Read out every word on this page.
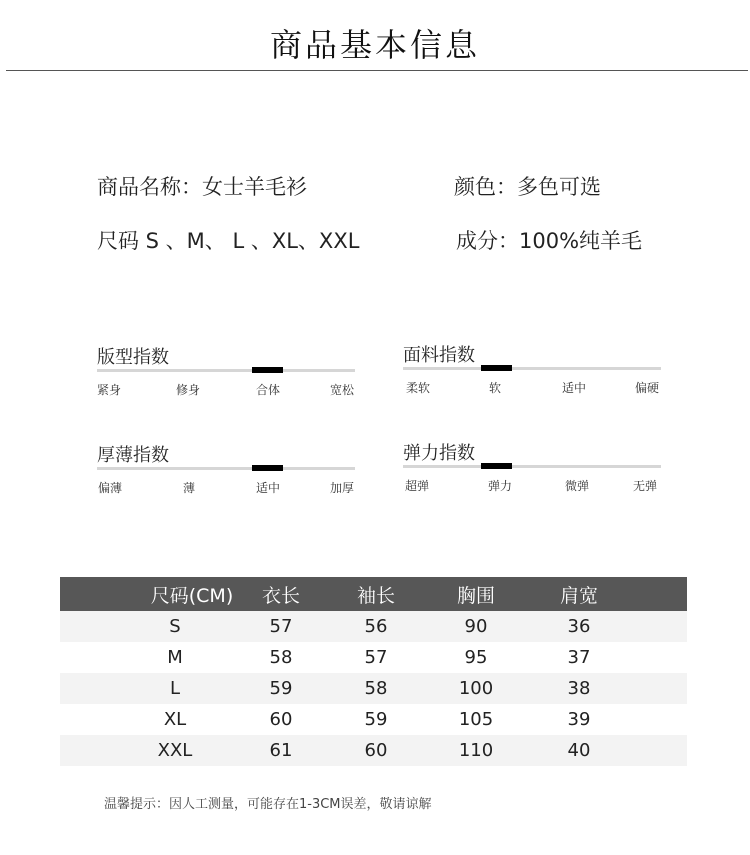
商品基本信息
商品名称：女士羊毛衫	颜色：多色可选
尺码 S 、M、 L 、XL、XXL	成分：100%纯羊毛
版型指数
紧身	修身	合体	宽松
面料指数
柔软	软	适中	偏硬
厚薄指数
偏薄	薄	适中	加厚
弹力指数
超弹	弹力	微弹	无弹
尺码(CM) 衣长	袖长	胸围	肩宽
S	57	56	90	36
M	58	57	95	37
L	59	58	100	38
XL	60	59	105	39
XXL	61	60	110	40
温馨提示：因人工测量，可能存在1-3CM误差，敬请谅解
